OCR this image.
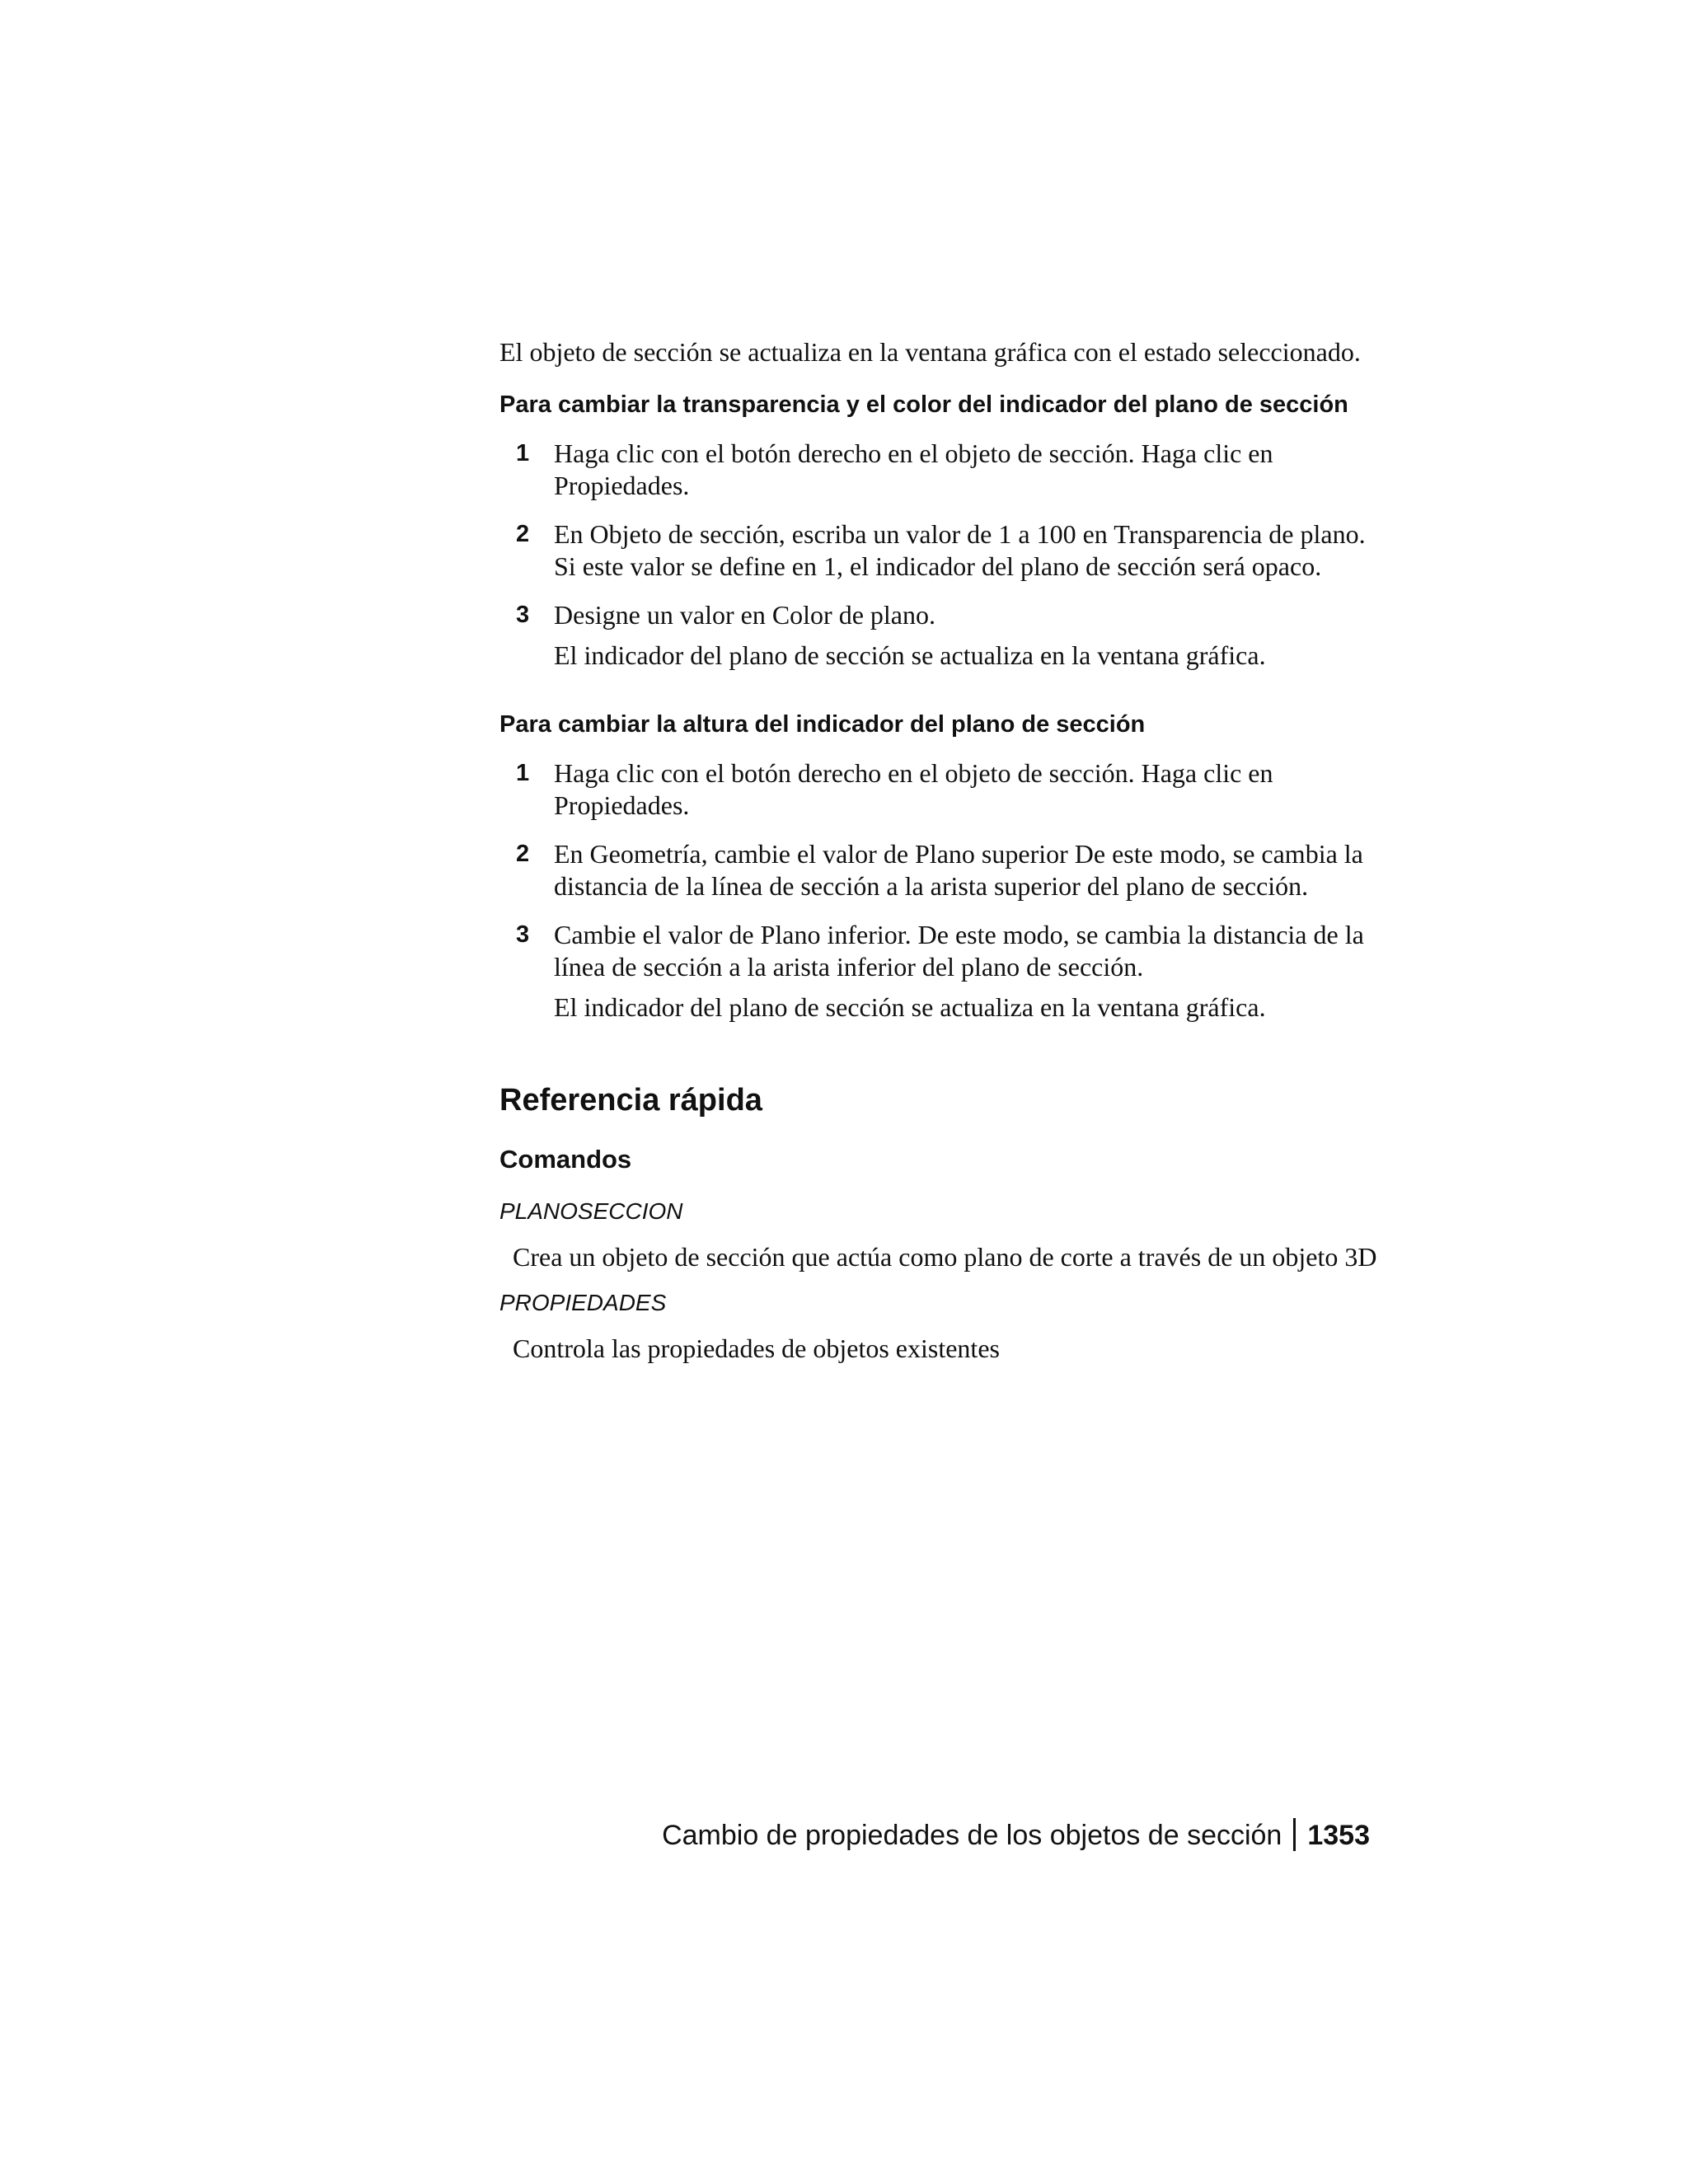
El objeto de sección se actualiza en la ventana gráfica con el estado seleccionado.

Para cambiar la transparencia y el color del indicador del plano de sección
1 Haga clic con el botón derecho en el objeto de sección. Haga clic en Propiedades.
2 En Objeto de sección, escriba un valor de 1 a 100 en Transparencia de plano. Si este valor se define en 1, el indicador del plano de sección será opaco.
3 Designe un valor en Color de plano.
El indicador del plano de sección se actualiza en la ventana gráfica.
Para cambiar la altura del indicador del plano de sección
1 Haga clic con el botón derecho en el objeto de sección. Haga clic en Propiedades.
2 En Geometría, cambie el valor de Plano superior De este modo, se cambia la distancia de la línea de sección a la arista superior del plano de sección.
3 Cambie el valor de Plano inferior. De este modo, se cambia la distancia de la línea de sección a la arista inferior del plano de sección.
El indicador del plano de sección se actualiza en la ventana gráfica.
Referencia rápida
Comandos
PLANOSECCION

Crea un objeto de sección que actúa como plano de corte a través de un objeto 3D

PROPIEDADES

Controla las propiedades de objetos existentes

Cambio de propiedades de los objetos de sección 1353
